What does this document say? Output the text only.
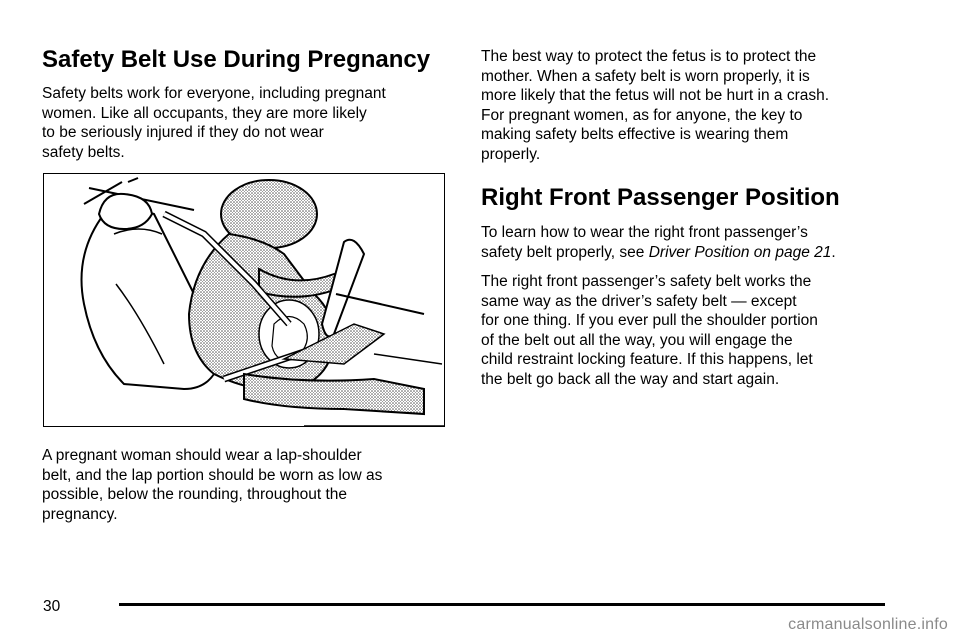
Safety Belt Use During Pregnancy

Safety belts work for everyone, including pregnant
women. Like all occupants, they are more likely
to be seriously injured if they do not wear
safety belts.

A pregnant woman should wear a lap-shoulder
belt, and the lap portion should be worn as low as
possible, below the rounding, throughout the
pregnancy.

The best way to protect the fetus is to protect the
mother. When a safety belt is worn properly, it is
more likely that the fetus will not be hurt in a crash.
For pregnant women, as for anyone, the key to
making safety belts effective is wearing them
properly.

Right Front Passenger Position

To learn how to wear the right front passenger’s
safety belt properly, see Driver Position on page 21.

The right front passenger’s safety belt works the
same way as the driver’s safety belt — except
for one thing. If you ever pull the shoulder portion
of the belt out all the way, you will engage the
child restraint locking feature. If this happens, let
the belt go back all the way and start again.

30
carmanualsonline.info
